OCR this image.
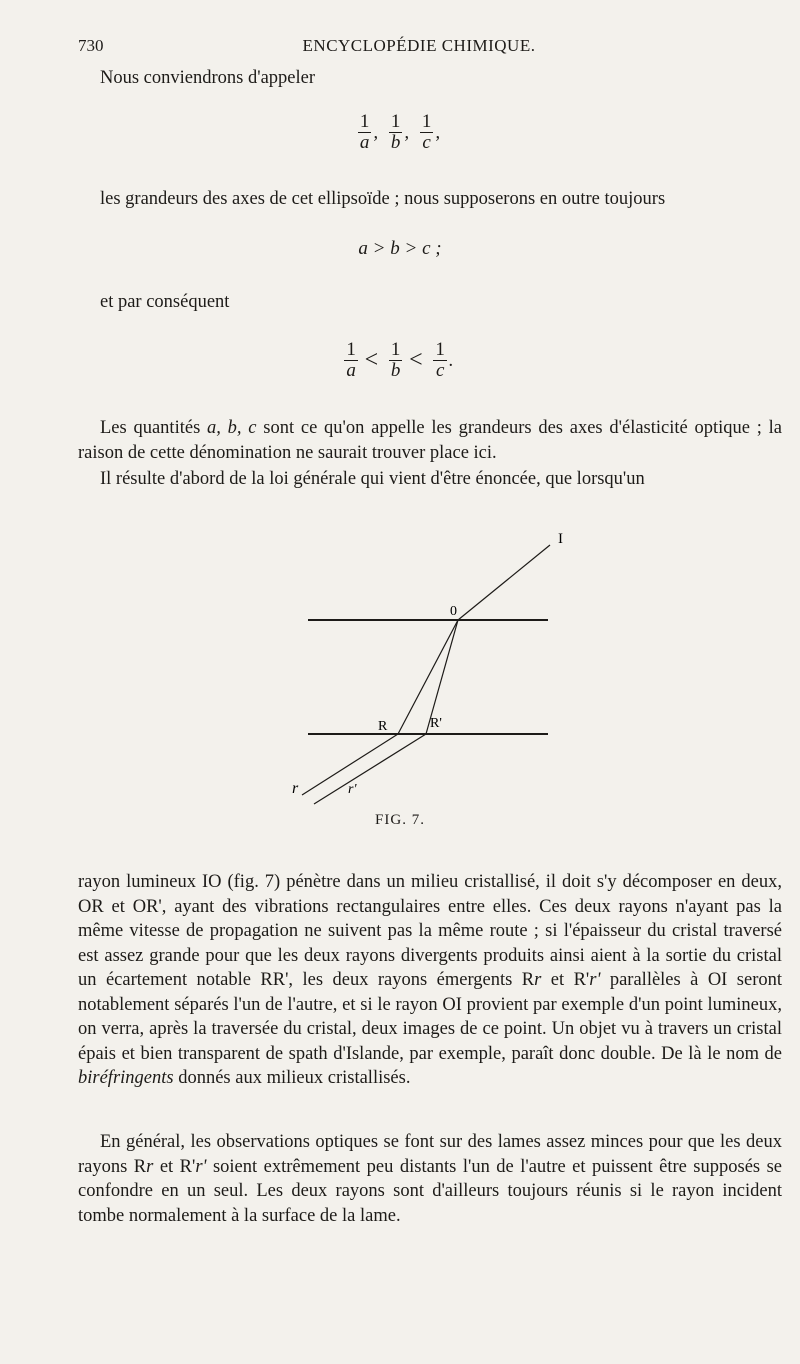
730	ENCYCLOPÉDIE CHIMIQUE.

Nous conviendrons d'appeler

$\frac{1}{a}$ , $\frac{1}{b}$ , $\frac{1}{c}$ ,

les grandeurs des axes de cet ellipsoïde ; nous supposerons en outre toujours

a > b > c ;

et par conséquent

$\frac{1}{a} < \frac{1}{b} < \frac{1}{c}$ .

Les quantités a, b, c sont ce qu'on appelle les grandeurs des axes d'élasticité optique ; la raison de cette dénomination ne saurait trouver place ici.

Il résulte d'abord de la loi générale qui vient d'être énoncée, que lorsqu'un

I
0
R	R'
r	r'
FIG. 7.

rayon lumineux IO (fig. 7) pénètre dans un milieu cristallisé, il doit s'y décomposer en deux, OR et OR', ayant des vibrations rectangulaires entre elles. Ces deux rayons n'ayant pas la même vitesse de propagation ne suivent pas la même route ; si l'épaisseur du cristal traversé est assez grande pour que les deux rayons divergents produits ainsi aient à la sortie du cristal un écartement notable RR', les deux rayons émergents Rr et R'r' parallèles à OI seront notablement séparés l'un de l'autre, et si le rayon OI provient par exemple d'un point lumineux, on verra, après la traversée du cristal, deux images de ce point. Un objet vu à travers un cristal épais et bien transparent de spath d'Islande, par exemple, paraît donc double. De là le nom de biréfringents donnés aux milieux cristallisés.

En général, les observations optiques se font sur des lames assez minces pour que les deux rayons Rr et R'r' soient extrêmement peu distants l'un de l'autre et puissent être supposés se confondre en un seul. Les deux rayons sont d'ailleurs toujours réunis si le rayon incident tombe normalement à la surface de la lame.
